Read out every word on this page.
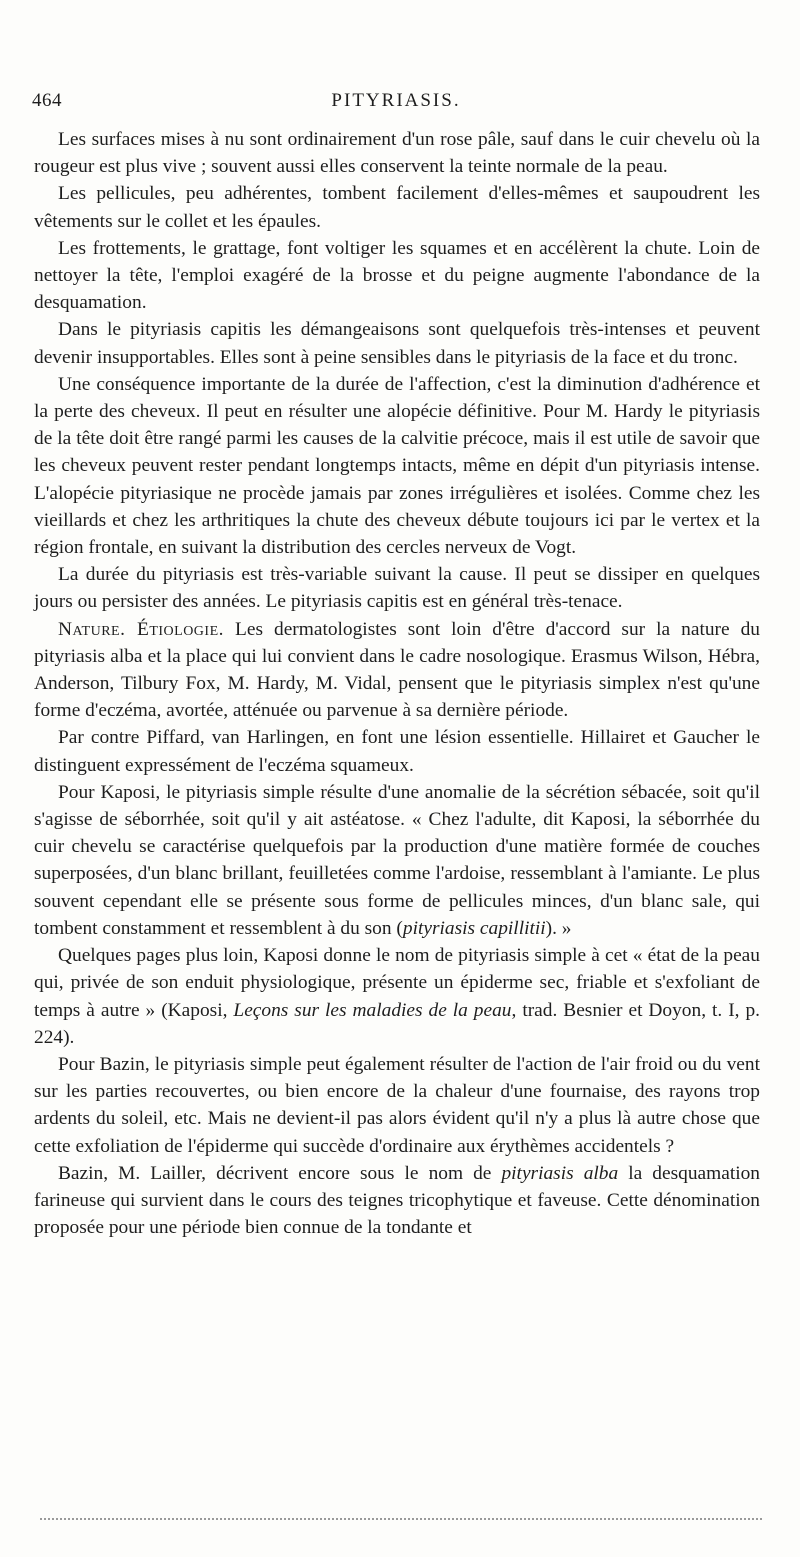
464	PITYRIASIS.

Les surfaces mises à nu sont ordinairement d'un rose pâle, sauf dans le cuir chevelu où la rougeur est plus vive ; souvent aussi elles conservent la teinte normale de la peau.

Les pellicules, peu adhérentes, tombent facilement d'elles-mêmes et saupoudrent les vêtements sur le collet et les épaules.

Les frottements, le grattage, font voltiger les squames et en accélèrent la chute. Loin de nettoyer la tête, l'emploi exagéré de la brosse et du peigne augmente l'abondance de la desquamation.

Dans le pityriasis capitis les démangeaisons sont quelquefois très-intenses et peuvent devenir insupportables. Elles sont à peine sensibles dans le pityriasis de la face et du tronc.

Une conséquence importante de la durée de l'affection, c'est la diminution d'adhérence et la perte des cheveux. Il peut en résulter une alopécie définitive. Pour M. Hardy le pityriasis de la tête doit être rangé parmi les causes de la calvitie précoce, mais il est utile de savoir que les cheveux peuvent rester pendant longtemps intacts, même en dépit d'un pityriasis intense. L'alopécie pityriasique ne procède jamais par zones irrégulières et isolées. Comme chez les vieillards et chez les arthritiques la chute des cheveux débute toujours ici par le vertex et la région frontale, en suivant la distribution des cercles nerveux de Vogt.

La durée du pityriasis est très-variable suivant la cause. Il peut se dissiper en quelques jours ou persister des années. Le pityriasis capitis est en général très-tenace.

Nature. Étiologie. Les dermatologistes sont loin d'être d'accord sur la nature du pityriasis alba et la place qui lui convient dans le cadre nosologique. Erasmus Wilson, Hébra, Anderson, Tilbury Fox, M. Hardy, M. Vidal, pensent que le pityriasis simplex n'est qu'une forme d'eczéma, avortée, atténuée ou parvenue à sa dernière période.

Par contre Piffard, van Harlingen, en font une lésion essentielle. Hillairet et Gaucher le distinguent expressément de l'eczéma squameux.

Pour Kaposi, le pityriasis simple résulte d'une anomalie de la sécrétion sébacée, soit qu'il s'agisse de séborrhée, soit qu'il y ait astéatose. « Chez l'adulte, dit Kaposi, la séborrhée du cuir chevelu se caractérise quelquefois par la production d'une matière formée de couches superposées, d'un blanc brillant, feuilletées comme l'ardoise, ressemblant à l'amiante. Le plus souvent cependant elle se présente sous forme de pellicules minces, d'un blanc sale, qui tombent constamment et ressemblent à du son (pityriasis capillitii). »

Quelques pages plus loin, Kaposi donne le nom de pityriasis simple à cet « état de la peau qui, privée de son enduit physiologique, présente un épiderme sec, friable et s'exfoliant de temps à autre » (Kaposi, Leçons sur les maladies de la peau, trad. Besnier et Doyon, t. I, p. 224).

Pour Bazin, le pityriasis simple peut également résulter de l'action de l'air froid ou du vent sur les parties recouvertes, ou bien encore de la chaleur d'une fournaise, des rayons trop ardents du soleil, etc. Mais ne devient-il pas alors évident qu'il n'y a plus là autre chose que cette exfoliation de l'épiderme qui succède d'ordinaire aux érythèmes accidentels ?

Bazin, M. Lailler, décrivent encore sous le nom de pityriasis alba la desquamation farineuse qui survient dans le cours des teignes tricophytique et faveuse. Cette dénomination proposée pour une période bien connue de la tondante et
